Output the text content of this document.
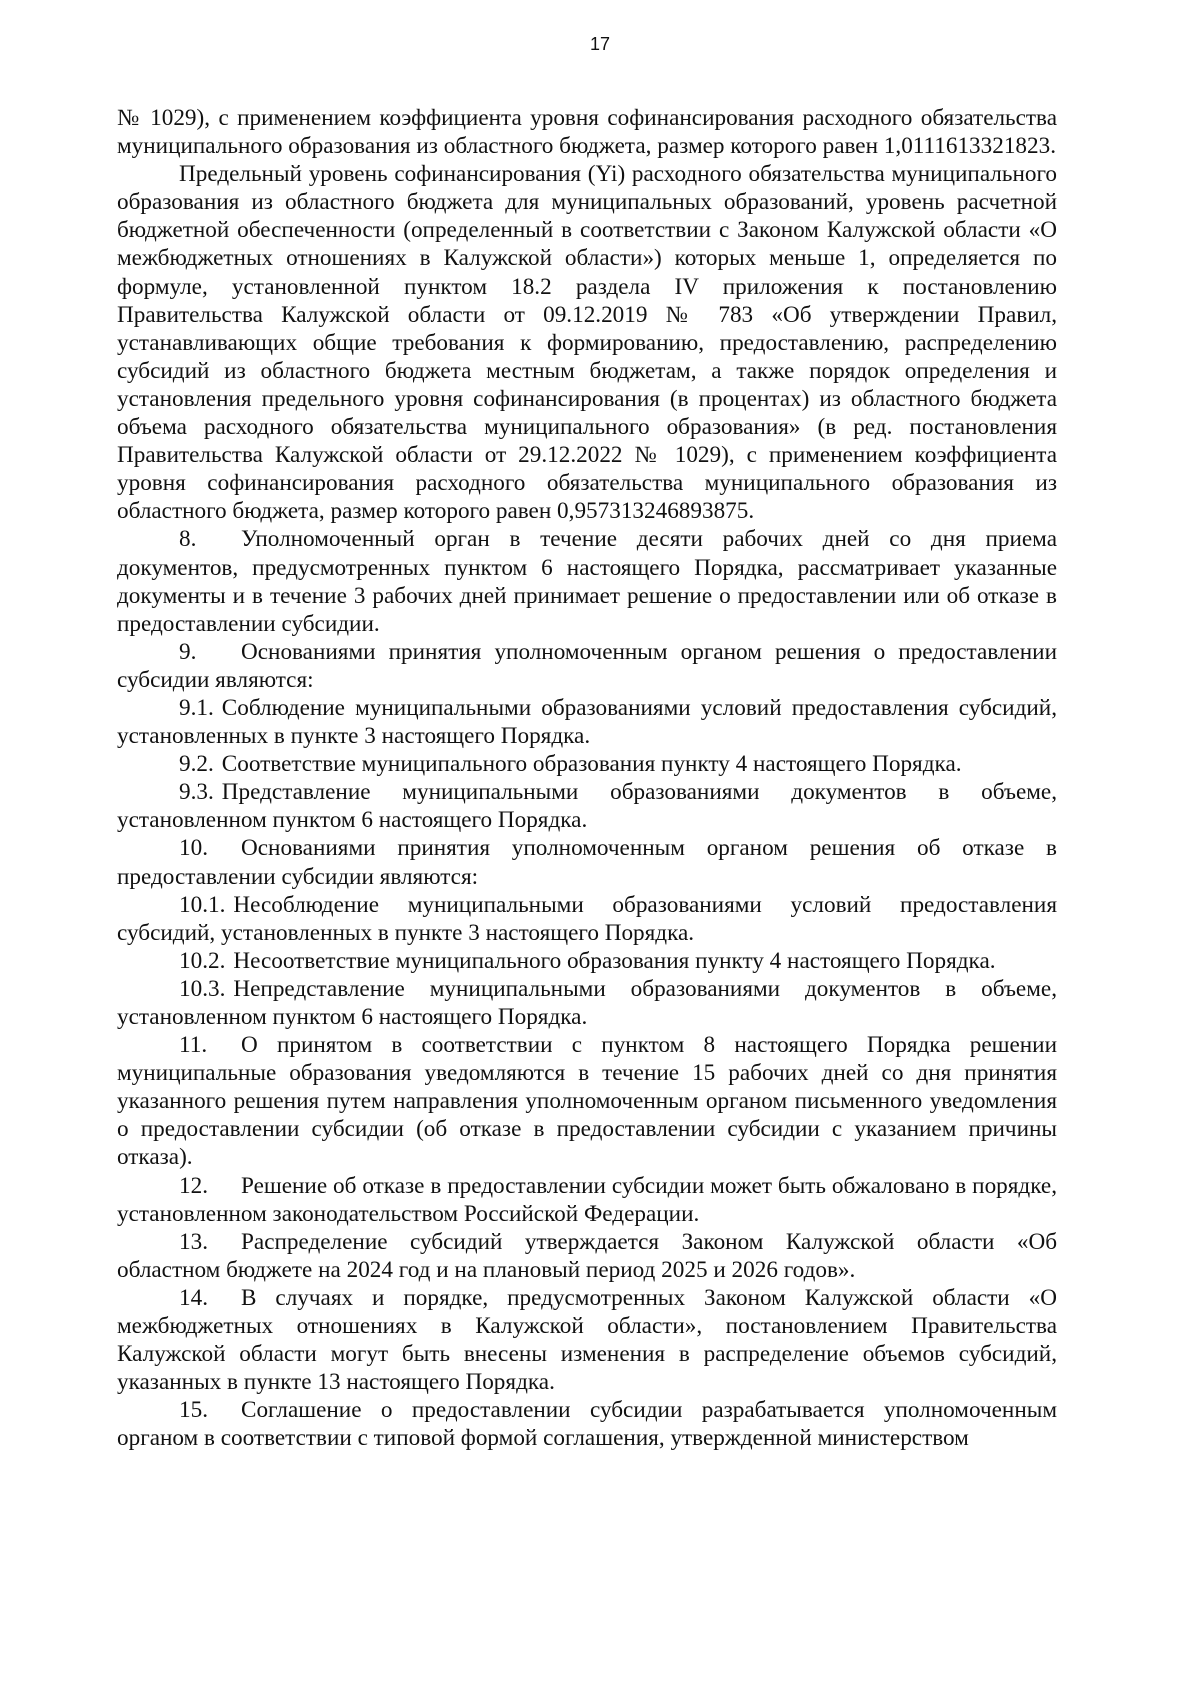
17

№ 1029), с применением коэффициента уровня софинансирования расходного обязательства муниципального образования из областного бюджета, размер которого равен 1,0111613321823.

Предельный уровень софинансирования (Yi) расходного обязательства муниципального образования из областного бюджета для муниципальных образований, уровень расчетной бюджетной обеспеченности (определенный в соответствии с Законом Калужской области «О межбюджетных отношениях в Калужской области») которых меньше 1, определяется по формуле, установленной пунктом 18.2 раздела IV приложения к постановлению Правительства Калужской области от 09.12.2019 № 783 «Об утверждении Правил, устанавливающих общие требования к формированию, предоставлению, распределению субсидий из областного бюджета местным бюджетам, а также порядок определения и установления предельного уровня софинансирования (в процентах) из областного бюджета объема расходного обязательства муниципального образования» (в ред. постановления Правительства Калужской области от 29.12.2022 № 1029), с применением коэффициента уровня софинансирования расходного обязательства муниципального образования из областного бюджета, размер которого равен 0,957313246893875.

8. Уполномоченный орган в течение десяти рабочих дней со дня приема документов, предусмотренных пунктом 6 настоящего Порядка, рассматривает указанные документы и в течение 3 рабочих дней принимает решение о предоставлении или об отказе в предоставлении субсидии.

9. Основаниями принятия уполномоченным органом решения о предоставлении субсидии являются:

9.1. Соблюдение муниципальными образованиями условий предоставления субсидий, установленных в пункте 3 настоящего Порядка.

9.2. Соответствие муниципального образования пункту 4 настоящего Порядка.

9.3. Представление муниципальными образованиями документов в объеме, установленном пунктом 6 настоящего Порядка.

10. Основаниями принятия уполномоченным органом решения об отказе в предоставлении субсидии являются:

10.1. Несоблюдение муниципальными образованиями условий предоставления субсидий, установленных в пункте 3 настоящего Порядка.

10.2. Несоответствие муниципального образования пункту 4 настоящего Порядка.

10.3. Непредставление муниципальными образованиями документов в объеме, установленном пунктом 6 настоящего Порядка.

11. О принятом в соответствии с пунктом 8 настоящего Порядка решении муниципальные образования уведомляются в течение 15 рабочих дней со дня принятия указанного решения путем направления уполномоченным органом письменного уведомления о предоставлении субсидии (об отказе в предоставлении субсидии с указанием причины отказа).

12. Решение об отказе в предоставлении субсидии может быть обжаловано в порядке, установленном законодательством Российской Федерации.

13. Распределение субсидий утверждается Законом Калужской области «Об областном бюджете на 2024 год и на плановый период 2025 и 2026 годов».

14. В случаях и порядке, предусмотренных Законом Калужской области «О межбюджетных отношениях в Калужской области», постановлением Правительства Калужской области могут быть внесены изменения в распределение объемов субсидий, указанных в пункте 13 настоящего Порядка.

15. Соглашение о предоставлении субсидии разрабатывается уполномоченным органом в соответствии с типовой формой соглашения, утвержденной министерством
